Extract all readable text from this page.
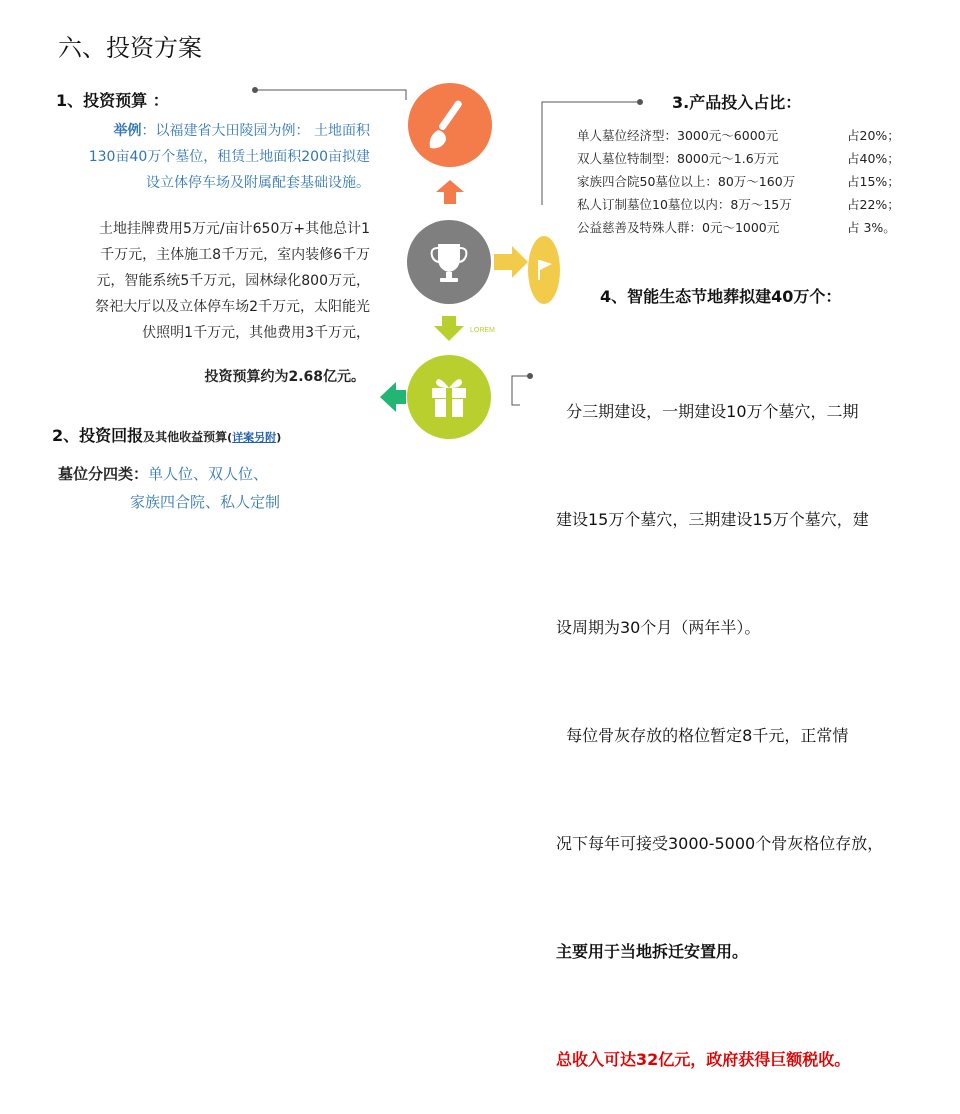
六、投资方案
1、投资预算 ：
举例：以福建省大田陵园为例： 土地面积
130亩40万个墓位，租赁土地面积200亩拟建
设立体停车场及附属配套基础设施。
土地挂牌费用5万元/亩计650万+其他总计1
千万元，主体施工8千万元，室内装修6千万
元，智能系统5千万元，园林绿化800万元，
祭祀大厅以及立体停车场2千万元，太阳能光
伏照明1千万元，其他费用3千万元，
投资预算约为2.68亿元。
2、投资回报及其他收益预算(详案另附)
墓位分四类：单人位、双人位、
家族四合院、私人定制
LOREM
3.产品投入占比：
单人墓位经济型：3000元～6000元	占20%；
双人墓位特制型：8000元～1.6万元	占40%；
家族四合院50墓位以上：80万～160万	占15%；
私人订制墓位10墓位以内：8万～15万	占22%；
公益慈善及特殊人群：0元～1000元	占 3%。
4、智能生态节地葬拟建40万个：

分三期建设，一期建设10万个墓穴，二期

建设15万个墓穴，三期建设15万个墓穴，建

设周期为30个月（两年半）。

每位骨灰存放的格位暂定8千元，正常情

况下每年可接受3000-5000个骨灰格位存放，

主要用于当地拆迁安置用。

总收入可达32亿元，政府获得巨额税收。
